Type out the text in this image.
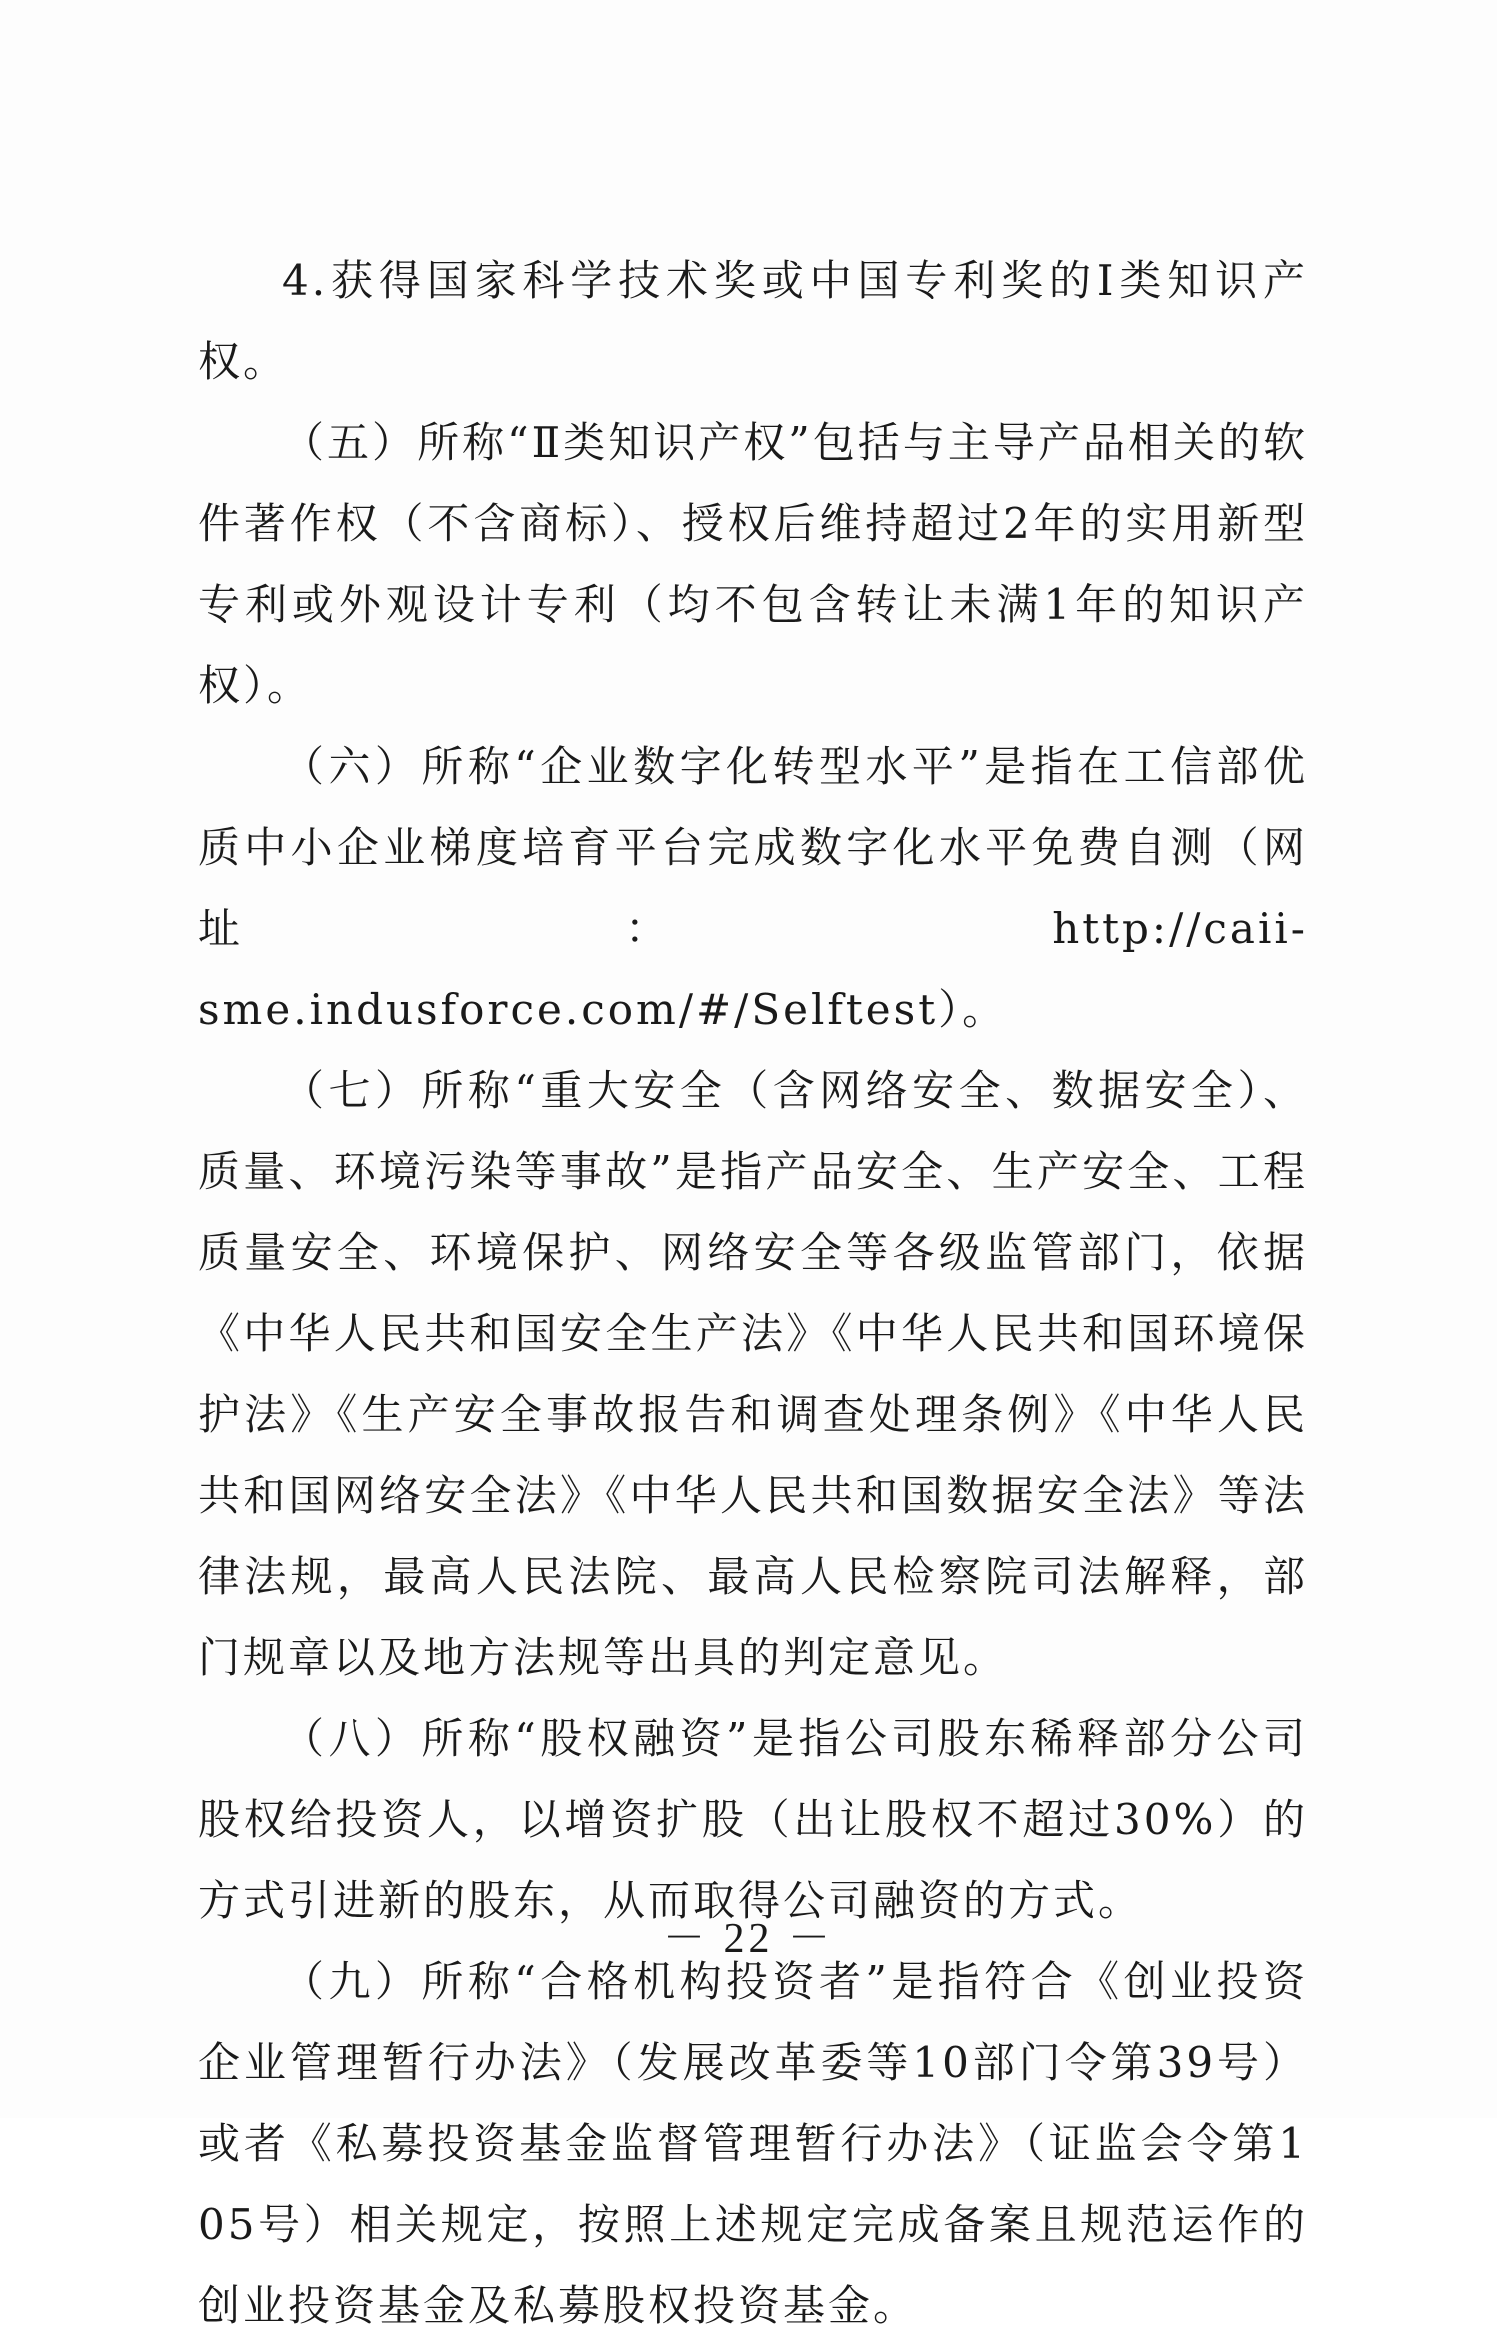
4.获得国家科学技术奖或中国专利奖的Ⅰ类知识产权。

（五）所称“Ⅱ类知识产权”包括与主导产品相关的软件著作权（不含商标）、授权后维持超过2年的实用新型专利或外观设计专利（均不包含转让未满1年的知识产权）。

（六）所称“企业数字化转型水平”是指在工信部优质中小企业梯度培育平台完成数字化水平免费自测（网址：http://caii-sme.indusforce.com/#/Selftest）。

（七）所称“重大安全（含网络安全、数据安全）、质量、环境污染等事故”是指产品安全、生产安全、工程质量安全、环境保护、网络安全等各级监管部门，依据《中华人民共和国安全生产法》《中华人民共和国环境保护法》《生产安全事故报告和调查处理条例》《中华人民共和国网络安全法》《中华人民共和国数据安全法》等法律法规，最高人民法院、最高人民检察院司法解释，部门规章以及地方法规等出具的判定意见。

（八）所称“股权融资”是指公司股东稀释部分公司股权给投资人，以增资扩股（出让股权不超过30%）的方式引进新的股东，从而取得公司融资的方式。

（九）所称“合格机构投资者”是指符合《创业投资企业管理暂行办法》（发展改革委等10部门令第39号）或者《私募投资基金监督管理暂行办法》（证监会令第105号）相关规定，按照上述规定完成备案且规范运作的创业投资基金及私募股权投资基金。

－ 22 －
